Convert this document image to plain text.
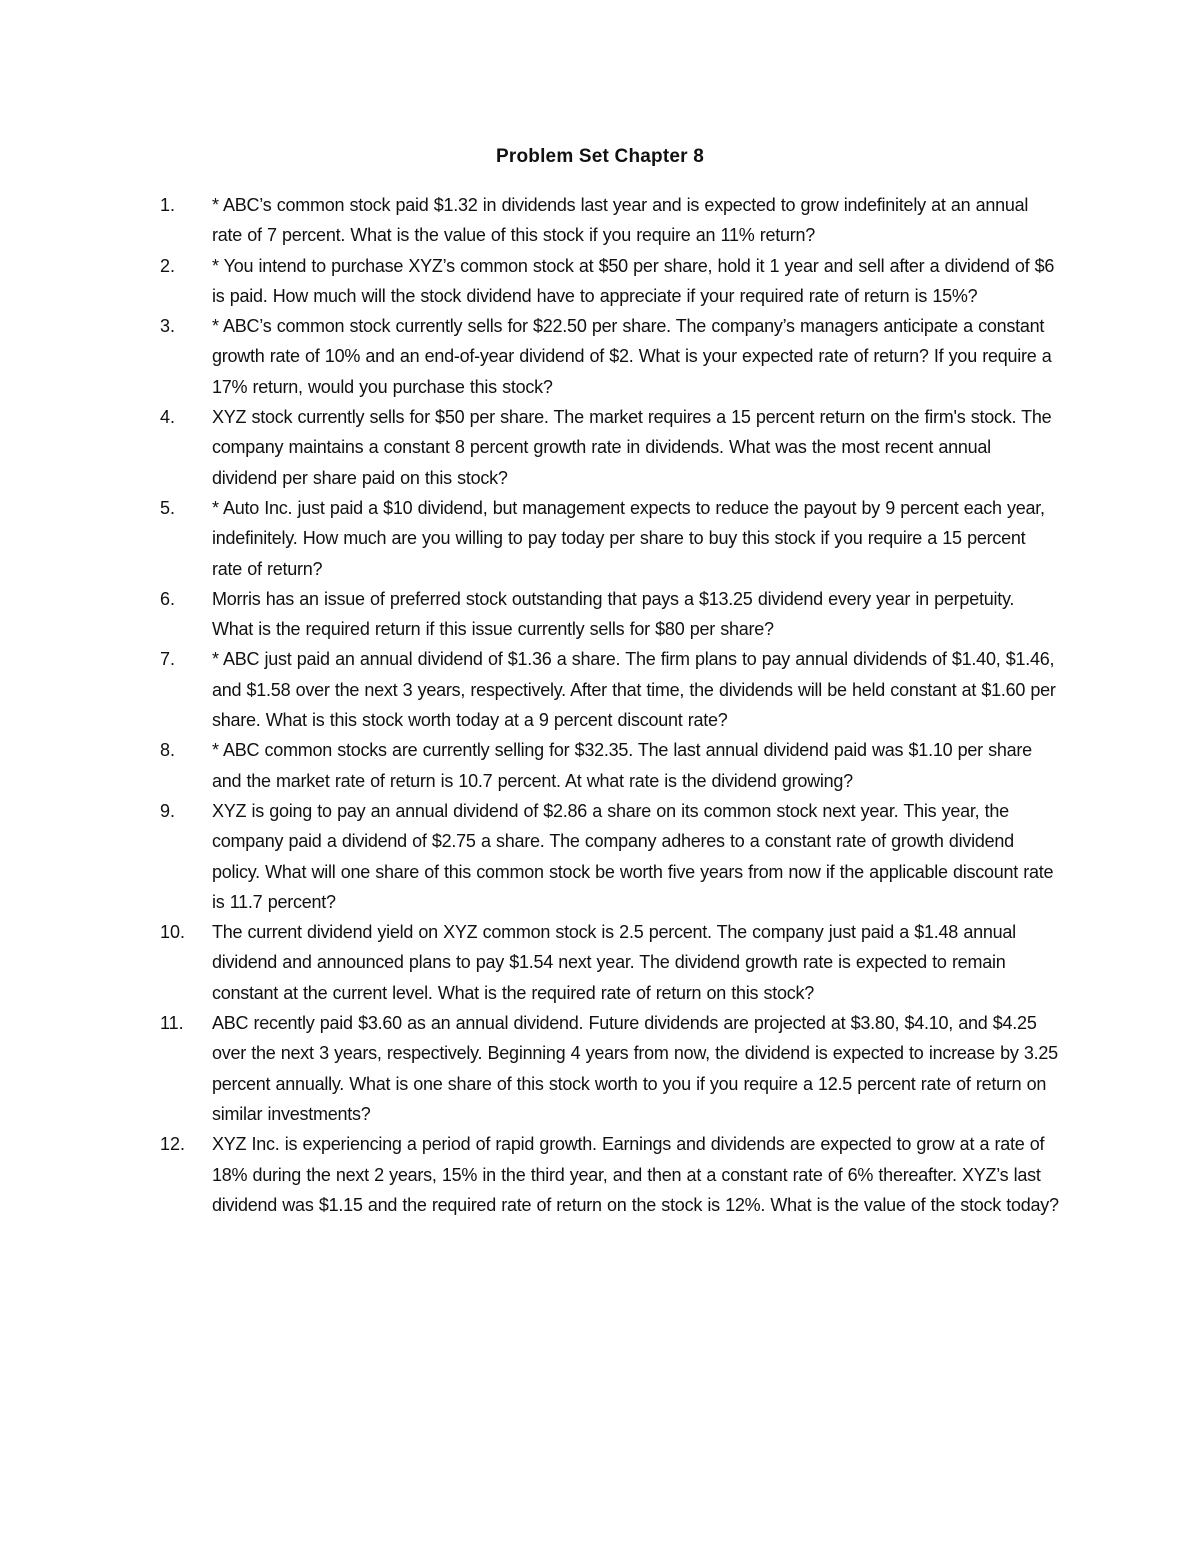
Problem Set Chapter 8
1.	* ABC’s common stock paid $1.32 in dividends last year and is expected to grow indefinitely at an annual rate of 7 percent. What is the value of this stock if you require an 11% return?
2.	* You intend to purchase XYZ’s common stock at $50 per share, hold it 1 year and sell after a dividend of $6 is paid. How much will the stock dividend have to appreciate if your required rate of return is 15%?
3.	* ABC’s common stock currently sells for $22.50 per share. The company’s managers anticipate a constant growth rate of 10% and an end-of-year dividend of $2. What is your expected rate of return? If you require a 17% return, would you purchase this stock?
4.	XYZ stock currently sells for $50 per share. The market requires a 15 percent return on the firm's stock. The company maintains a constant 8 percent growth rate in dividends. What was the most recent annual dividend per share paid on this stock?
5.	* Auto Inc. just paid a $10 dividend, but management expects to reduce the payout by 9 percent each year, indefinitely. How much are you willing to pay today per share to buy this stock if you require a 15 percent rate of return?
6.	Morris has an issue of preferred stock outstanding that pays a $13.25 dividend every year in perpetuity. What is the required return if this issue currently sells for $80 per share?
7.	* ABC just paid an annual dividend of $1.36 a share. The firm plans to pay annual dividends of $1.40, $1.46, and $1.58 over the next 3 years, respectively. After that time, the dividends will be held constant at $1.60 per share. What is this stock worth today at a 9 percent discount rate?
8.	* ABC common stocks are currently selling for $32.35. The last annual dividend paid was $1.10 per share and the market rate of return is 10.7 percent. At what rate is the dividend growing?
9.	XYZ is going to pay an annual dividend of $2.86 a share on its common stock next year. This year, the company paid a dividend of $2.75 a share. The company adheres to a constant rate of growth dividend policy. What will one share of this common stock be worth five years from now if the applicable discount rate is 11.7 percent?
10.	The current dividend yield on XYZ common stock is 2.5 percent. The company just paid a $1.48 annual dividend and announced plans to pay $1.54 next year. The dividend growth rate is expected to remain constant at the current level. What is the required rate of return on this stock?
11.	ABC recently paid $3.60 as an annual dividend. Future dividends are projected at $3.80, $4.10, and $4.25 over the next 3 years, respectively. Beginning 4 years from now, the dividend is expected to increase by 3.25 percent annually. What is one share of this stock worth to you if you require a 12.5 percent rate of return on similar investments?
12.	XYZ Inc. is experiencing a period of rapid growth. Earnings and dividends are expected to grow at a rate of 18% during the next 2 years, 15% in the third year, and then at a constant rate of 6% thereafter. XYZ’s last dividend was $1.15 and the required rate of return on the stock is 12%. What is the value of the stock today?
